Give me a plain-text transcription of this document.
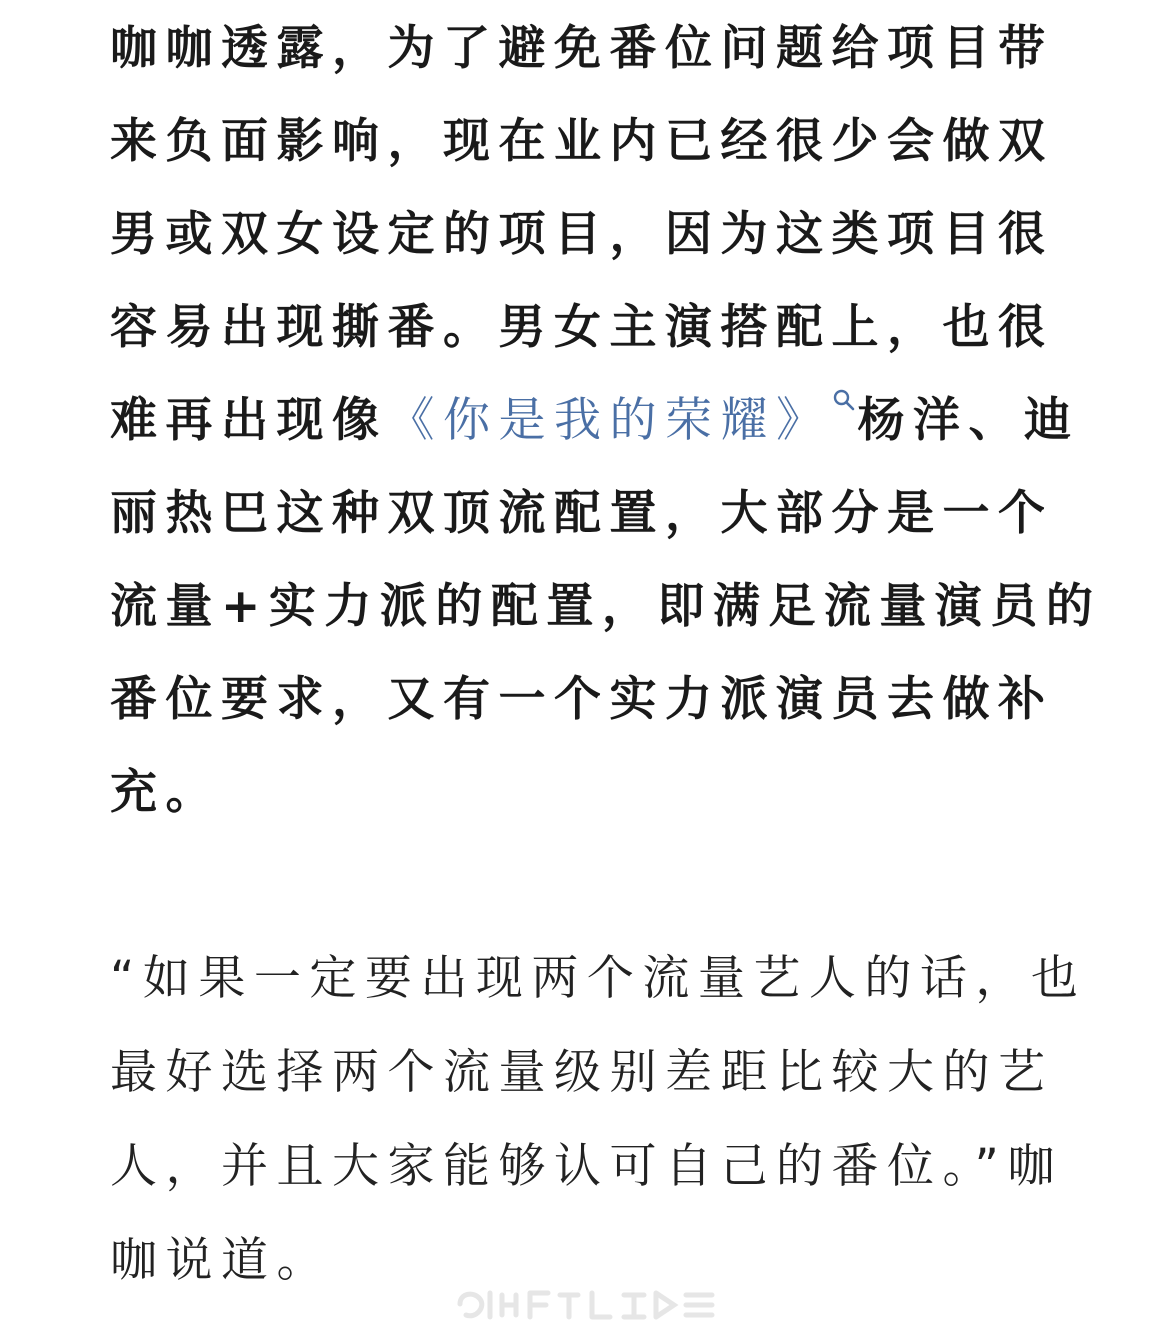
咖咖透露，为了避免番位问题给项目带
来负面影响，现在业内已经很少会做双
男或双女设定的项目，因为这类项目很
容易出现撕番。男女主演搭配上，也很
难再出现像《你是我的荣耀》 杨洋、迪
丽热巴这种双顶流配置，大部分是一个
流量+实力派的配置，即满足流量演员的
番位要求，又有一个实力派演员去做补
充。
“如果一定要出现两个流量艺人的话，也
最好选择两个流量级别差距比较大的艺
人，并且大家能够认可自己的番位。”咖
咖说道。
